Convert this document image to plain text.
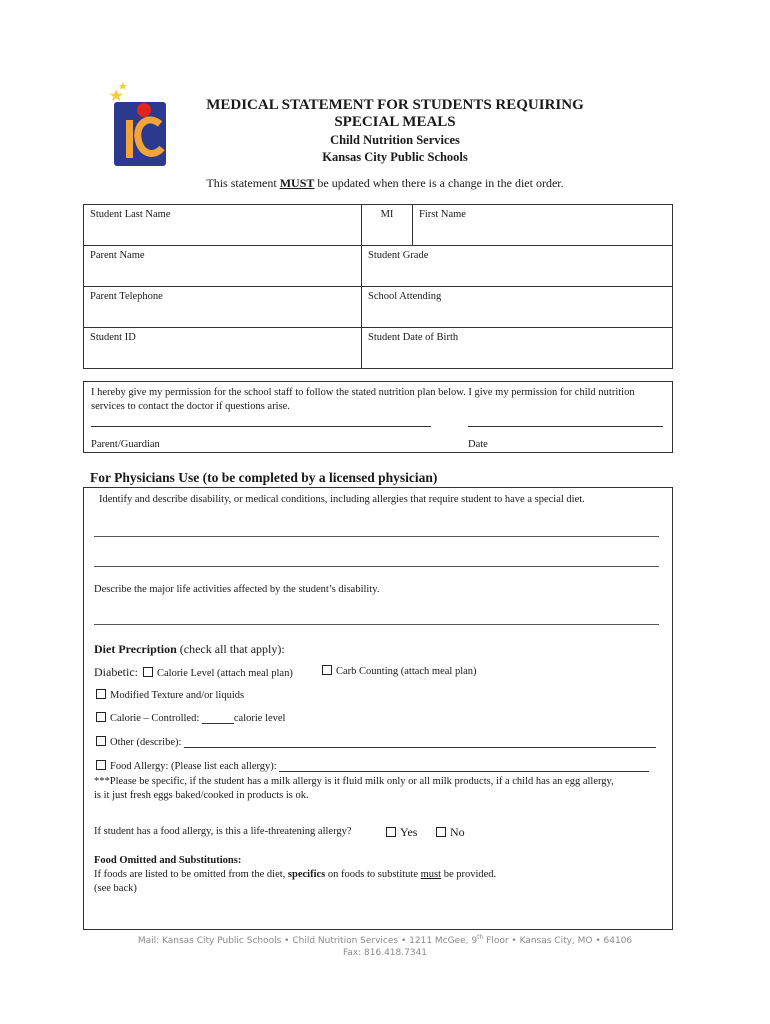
MEDICAL STATEMENT FOR STUDENTS REQUIRING
SPECIAL MEALS
Child Nutrition Services
Kansas City Public Schools
This statement MUST be updated when there is a change in the diet order.
Student Last Name	MI	First Name
Parent Name	Student Grade	
Parent Telephone	School Attending	
Student ID	Student Date of Birth	
I hereby give my permission for the school staff to follow the stated nutrition plan below. I give my permission for child nutrition services to contact the doctor if questions arise.
Parent/Guardian	Date
For Physicians Use (to be completed by a licensed physician)
Identify and describe disability, or medical conditions, including allergies that require student to have a special diet.
Describe the major life activities affected by the student’s disability.
Diet Precription (check all that apply):
Diabetic: Calorie Level (attach meal plan)	Carb Counting (attach meal plan)
Modified Texture and/or liquids
Calorie – Controlled:	calorie level
Other (describe):
Food Allergy: (Please list each allergy):
***Please be specific, if the student has a milk allergy is it fluid milk only or all milk products, if a child has an egg allergy,
is it just fresh eggs baked/cooked in products is ok.
If student has a food allergy, is this a life-threatening allergy?	Yes	No
Food Omitted and Substitutions:
If foods are listed to be omitted from the diet, specifics on foods to substitute must be provided.
(see back)
Mail: Kansas City Public Schools • Child Nutrition Services • 1211 McGee, 9th Floor • Kansas City, MO • 64106
Fax: 816.418.7341
